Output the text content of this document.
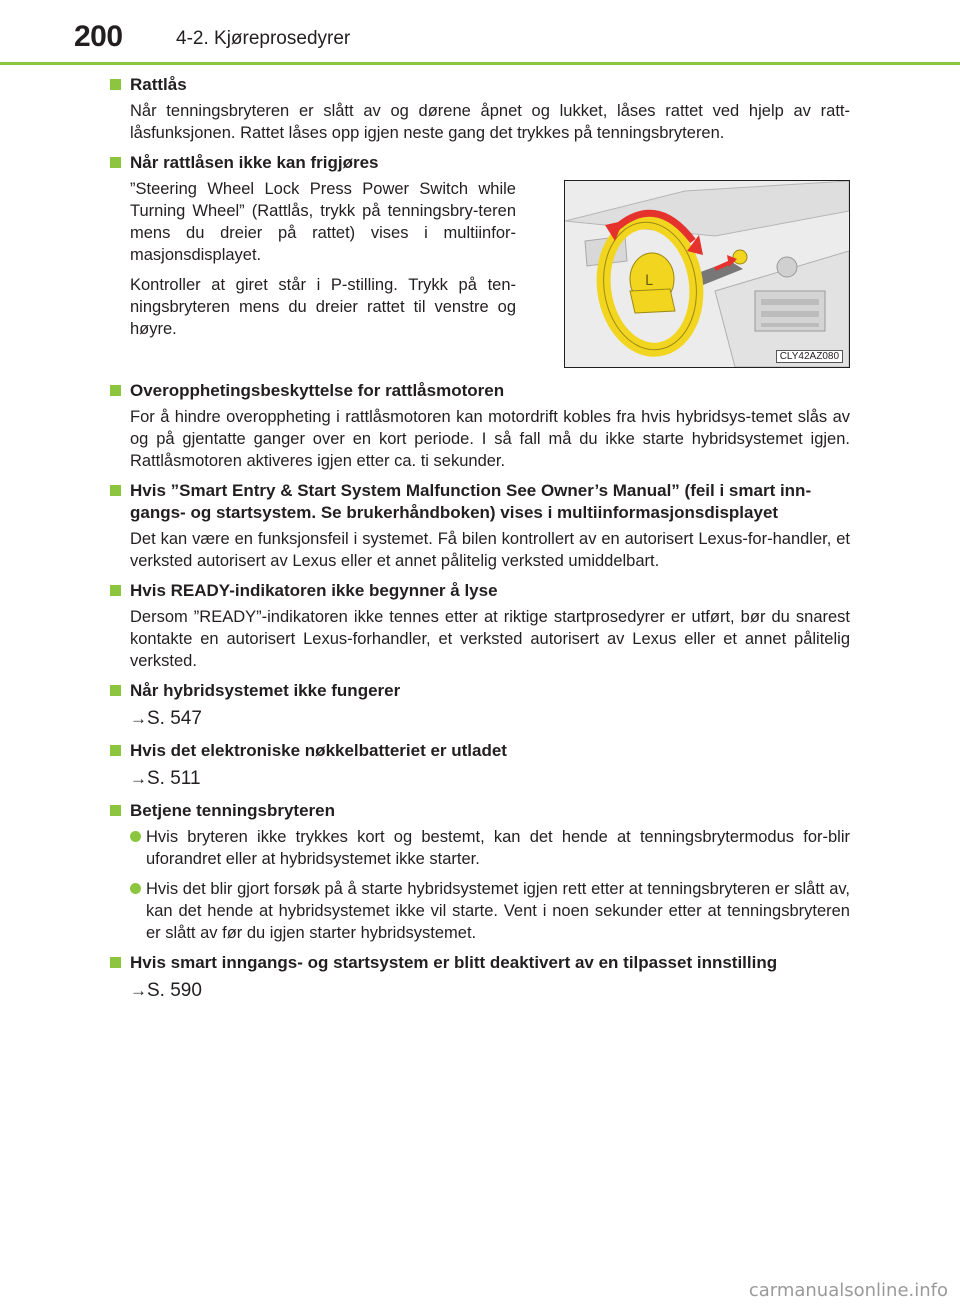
200	4-2. Kjøreprosedyrer
Rattlås

Når tenningsbryteren er slått av og dørene åpnet og lukket, låses rattet ved hjelp av ratt-låsfunksjonen. Rattet låses opp igjen neste gang det trykkes på tenningsbryteren.

Når rattlåsen ikke kan frigjøres

”Steering Wheel Lock Press Power Switch while Turning Wheel” (Rattlås, trykk på tenningsbry-teren mens du dreier på rattet) vises i multiinfor-masjonsdisplayet.

Kontroller at giret står i P-stilling. Trykk på ten-ningsbryteren mens du dreier rattet til venstre og høyre.

L
CLY42AZ080
Overopphetingsbeskyttelse for rattlåsmotoren

For å hindre overoppheting i rattlåsmotoren kan motordrift kobles fra hvis hybridsys-temet slås av og på gjentatte ganger over en kort periode. I så fall må du ikke starte hybridsystemet igjen. Rattlåsmotoren aktiveres igjen etter ca. ti sekunder.

Hvis ”Smart Entry & Start System Malfunction See Owner’s Manual” (feil i smart inn-gangs- og startsystem. Se brukerhåndboken) vises i multiinformasjonsdisplayet

Det kan være en funksjonsfeil i systemet. Få bilen kontrollert av en autorisert Lexus-for-handler, et verksted autorisert av Lexus eller et annet pålitelig verksted umiddelbart.

Hvis READY-indikatoren ikke begynner å lyse

Dersom ”READY”-indikatoren ikke tennes etter at riktige startprosedyrer er utført, bør du snarest kontakte en autorisert Lexus-forhandler, et verksted autorisert av Lexus eller et annet pålitelig verksted.

Når hybridsystemet ikke fungerer
→S. 547
Hvis det elektroniske nøkkelbatteriet er utladet
→S. 511
Betjene tenningsbryteren
Hvis bryteren ikke trykkes kort og bestemt, kan det hende at tenningsbrytermodus for-blir uforandret eller at hybridsystemet ikke starter.
Hvis det blir gjort forsøk på å starte hybridsystemet igjen rett etter at tenningsbryteren er slått av, kan det hende at hybridsystemet ikke vil starte. Vent i noen sekunder etter at tenningsbryteren er slått av før du igjen starter hybridsystemet.
Hvis smart inngangs- og startsystem er blitt deaktivert av en tilpasset innstilling
→S. 590
carmanualsonline.info
